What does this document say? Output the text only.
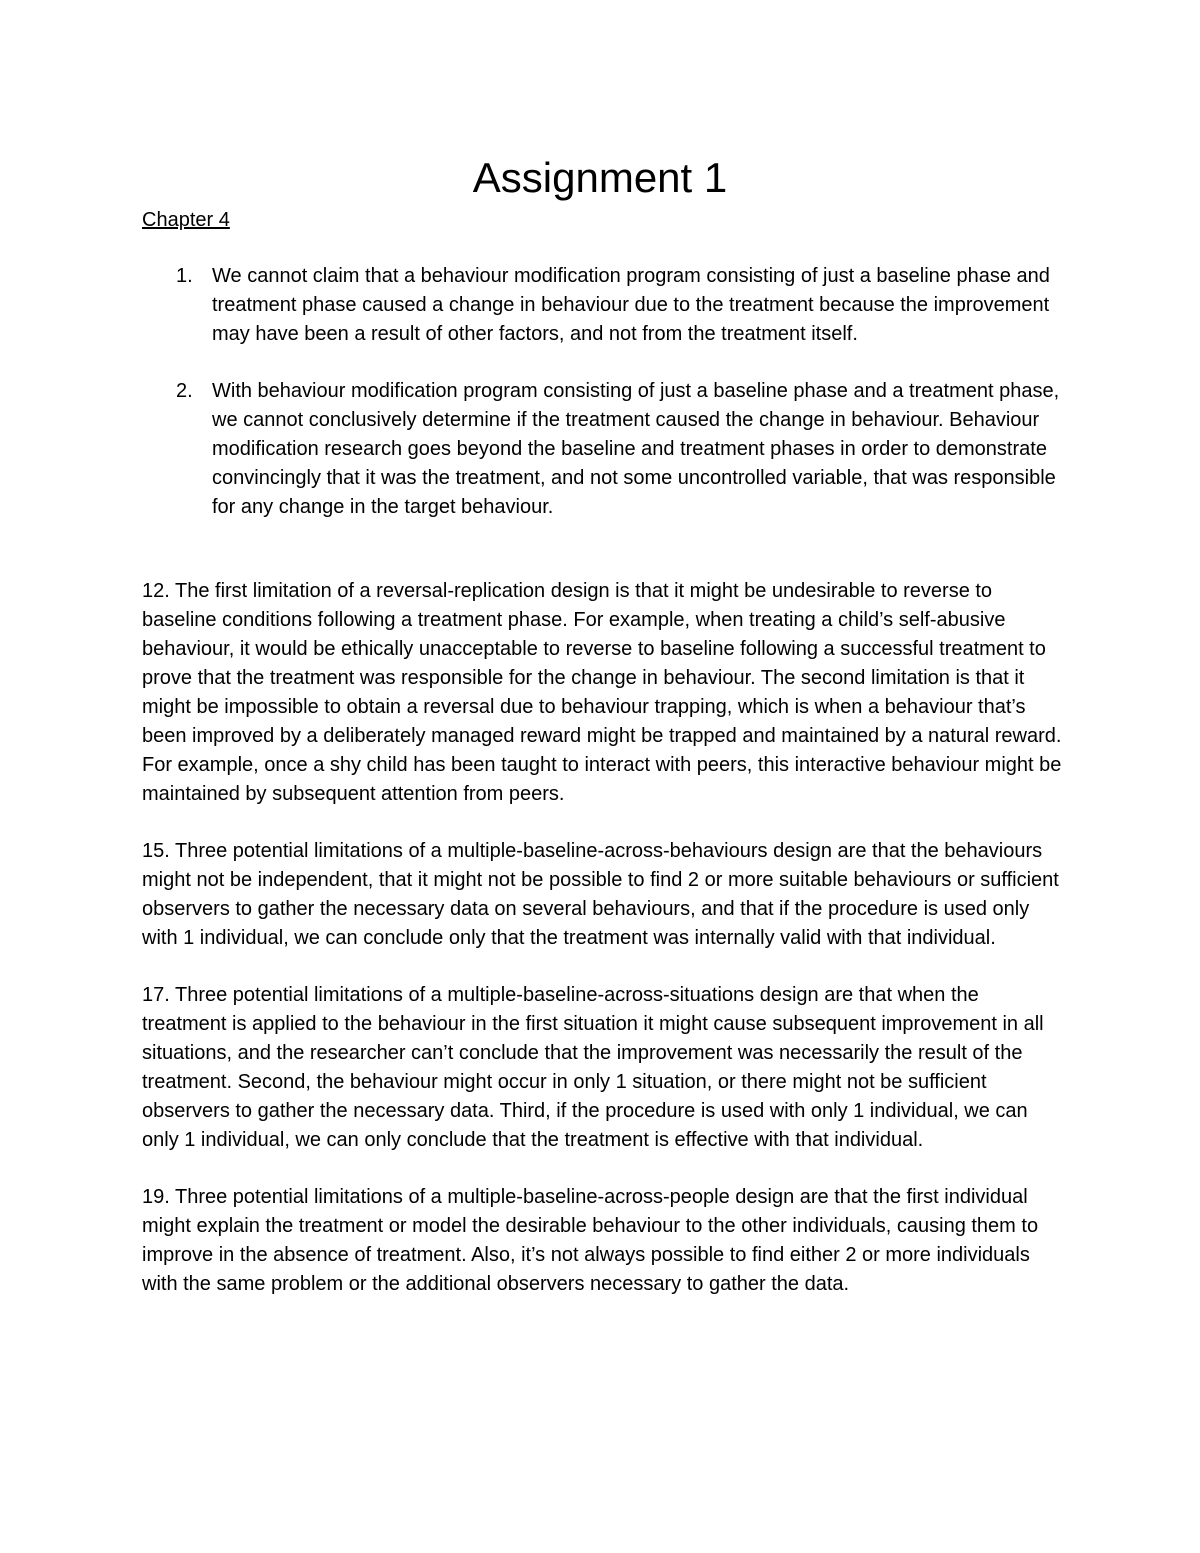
Assignment 1

Chapter 4

1. We cannot claim that a behaviour modification program consisting of just a baseline phase and treatment phase caused a change in behaviour due to the treatment because the improvement may have been a result of other factors, and not from the treatment itself.
2. With behaviour modification program consisting of just a baseline phase and a treatment phase, we cannot conclusively determine if the treatment caused the change in behaviour. Behaviour modification research goes beyond the baseline and treatment phases in order to demonstrate convincingly that it was the treatment, and not some uncontrolled variable, that was responsible for any change in the target behaviour.

12. The first limitation of a reversal-replication design is that it might be undesirable to reverse to baseline conditions following a treatment phase. For example, when treating a child’s self-abusive behaviour, it would be ethically unacceptable to reverse to baseline following a successful treatment to prove that the treatment was responsible for the change in behaviour. The second limitation is that it might be impossible to obtain a reversal due to behaviour trapping, which is when a behaviour that’s been improved by a deliberately managed reward might be trapped and maintained by a natural reward. For example, once a shy child has been taught to interact with peers, this interactive behaviour might be maintained by subsequent attention from peers.

15. Three potential limitations of a multiple-baseline-across-behaviours design are that the behaviours might not be independent, that it might not be possible to find 2 or more suitable behaviours or sufficient observers to gather the necessary data on several behaviours, and that if the procedure is used only with 1 individual, we can conclude only that the treatment was internally valid with that individual.

17. Three potential limitations of a multiple-baseline-across-situations design are that when the treatment is applied to the behaviour in the first situation it might cause subsequent improvement in all situations, and the researcher can’t conclude that the improvement was necessarily the result of the treatment. Second, the behaviour might occur in only 1 situation, or there might not be sufficient observers to gather the necessary data. Third, if the procedure is used with only 1 individual, we can only 1 individual, we can only conclude that the treatment is effective with that individual.

19. Three potential limitations of a multiple-baseline-across-people design are that the first individual might explain the treatment or model the desirable behaviour to the other individuals, causing them to improve in the absence of treatment. Also, it’s not always possible to find either 2 or more individuals with the same problem or the additional observers necessary to gather the data.
